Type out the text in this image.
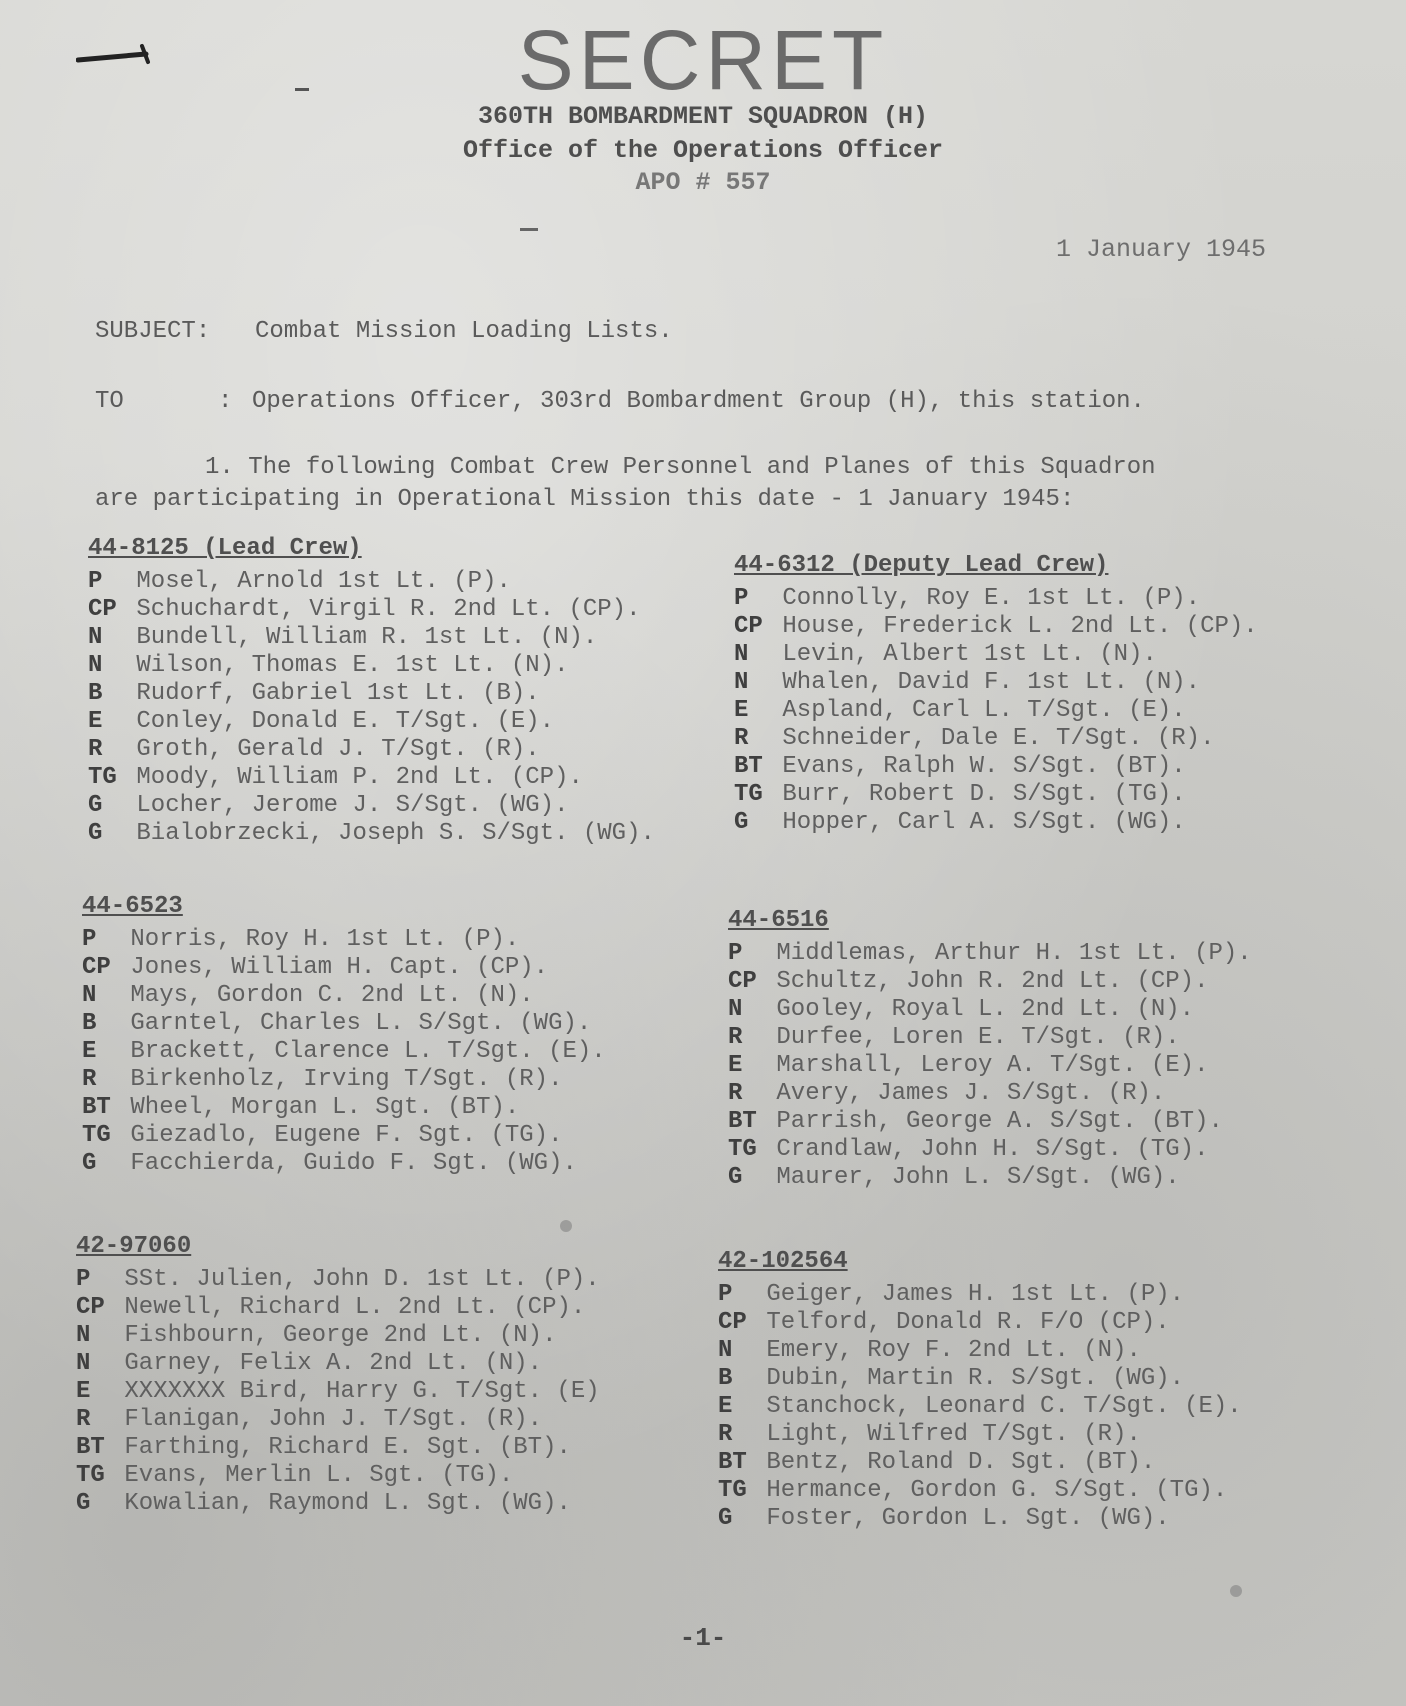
SECRET
360TH BOMBARDMENT SQUADRON (H)
Office of the Operations Officer
APO # 557
1 January 1945
SUBJECT: Combat Mission Loading Lists.
TO	: Operations Officer, 303rd Bombardment Group (H), this station.
1. The following Combat Crew Personnel and Planes of this Squadron
are participating in Operational Mission this date - 1 January 1945:
44-8125 (Lead Crew)
P Mosel, Arnold 1st Lt. (P).
CP Schuchardt, Virgil R. 2nd Lt. (CP).
N Bundell, William R. 1st Lt. (N).
N Wilson, Thomas E. 1st Lt. (N).
B Rudorf, Gabriel 1st Lt. (B).
E Conley, Donald E. T/Sgt. (E).
R Groth, Gerald J. T/Sgt. (R).
TG Moody, William P. 2nd Lt. (CP).
G Locher, Jerome J. S/Sgt. (WG).
G Bialobrzecki, Joseph S. S/Sgt. (WG).
44-6312 (Deputy Lead Crew)
P Connolly, Roy E. 1st Lt. (P).
CP House, Frederick L. 2nd Lt. (CP).
N Levin, Albert 1st Lt. (N).
N Whalen, David F. 1st Lt. (N).
E Aspland, Carl L. T/Sgt. (E).
R Schneider, Dale E. T/Sgt. (R).
BT Evans, Ralph W. S/Sgt. (BT).
TG Burr, Robert D. S/Sgt. (TG).
G Hopper, Carl A. S/Sgt. (WG).
44-6523
P Norris, Roy H. 1st Lt. (P).
CP Jones, William H. Capt. (CP).
N Mays, Gordon C. 2nd Lt. (N).
B Garntel, Charles L. S/Sgt. (WG).
E Brackett, Clarence L. T/Sgt. (E).
R Birkenholz, Irving T/Sgt. (R).
BT Wheel, Morgan L. Sgt. (BT).
TG Giezadlo, Eugene F. Sgt. (TG).
G Facchierda, Guido F. Sgt. (WG).
44-6516
P Middlemas, Arthur H. 1st Lt. (P).
CP Schultz, John R. 2nd Lt. (CP).
N Gooley, Royal L. 2nd Lt. (N).
R Durfee, Loren E. T/Sgt. (R).
E Marshall, Leroy A. T/Sgt. (E).
R Avery, James J. S/Sgt. (R).
BT Parrish, George A. S/Sgt. (BT).
TG Crandlaw, John H. S/Sgt. (TG).
G Maurer, John L. S/Sgt. (WG).
42-97060
P SSt. Julien, John D. 1st Lt. (P).
CP Newell, Richard L. 2nd Lt. (CP).
N Fishbourn, George 2nd Lt. (N).
N Garney, Felix A. 2nd Lt. (N).
E XXXXXXX Bird, Harry G. T/Sgt. (E)
R Flanigan, John J. T/Sgt. (R).
BT Farthing, Richard E. Sgt. (BT).
TG Evans, Merlin L. Sgt. (TG).
G Kowalian, Raymond L. Sgt. (WG).
42-102564
P Geiger, James H. 1st Lt. (P).
CP Telford, Donald R. F/O (CP).
N Emery, Roy F. 2nd Lt. (N).
B Dubin, Martin R. S/Sgt. (WG).
E Stanchock, Leonard C. T/Sgt. (E).
R Light, Wilfred T/Sgt. (R).
BT Bentz, Roland D. Sgt. (BT).
TG Hermance, Gordon G. S/Sgt. (TG).
G Foster, Gordon L. Sgt. (WG).
-1-
